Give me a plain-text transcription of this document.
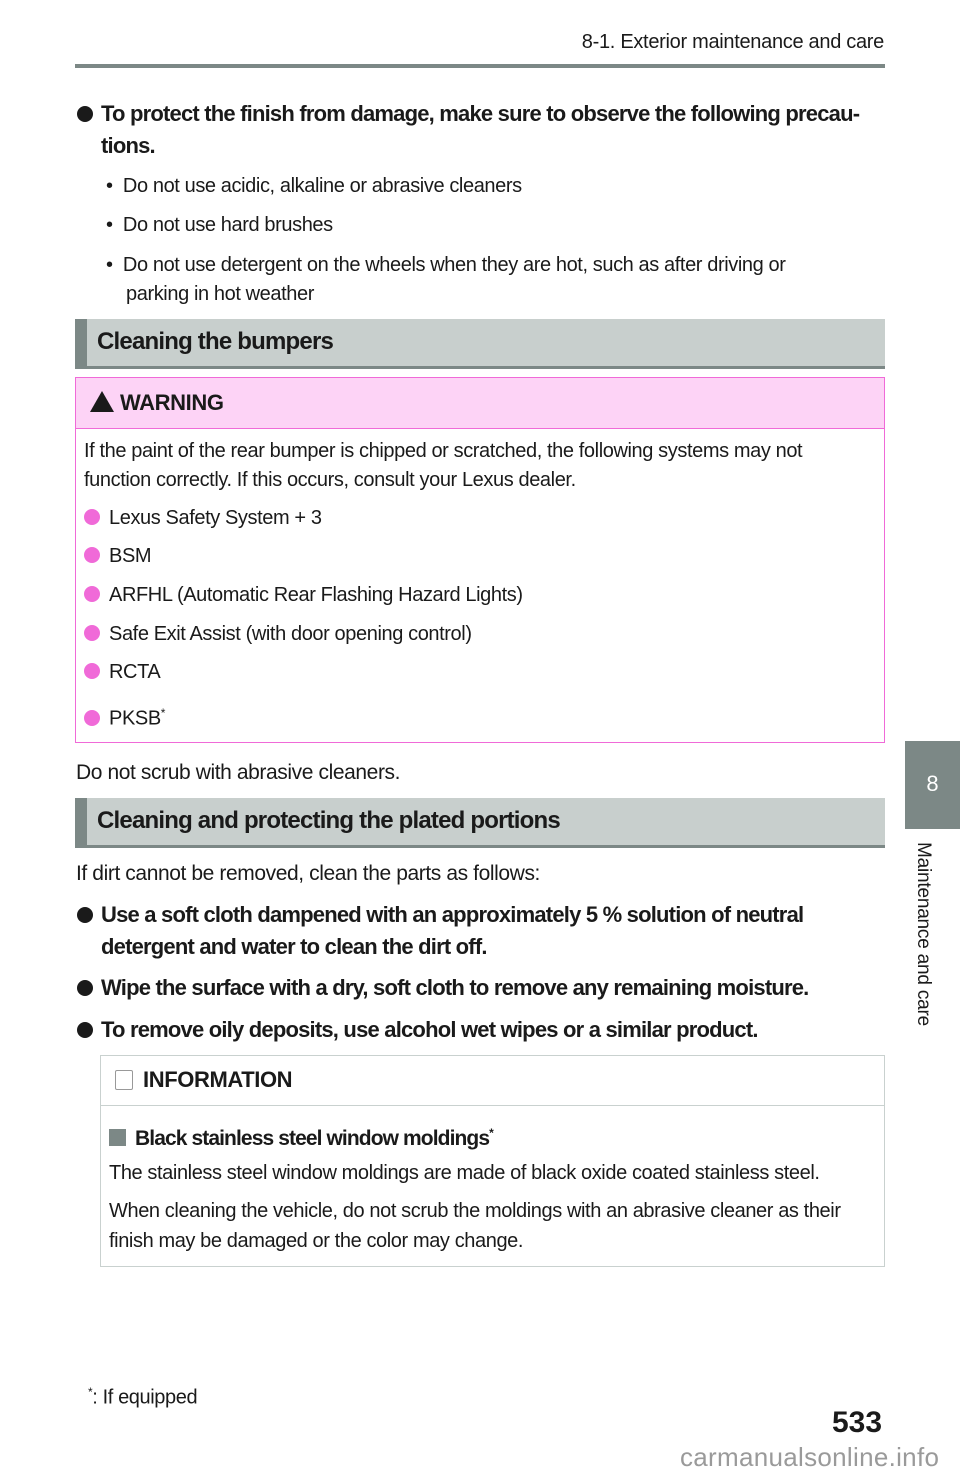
8-1. Exterior maintenance and care
To protect the finish from damage, make sure to observe the following precau-
tions.
•  Do not use acidic, alkaline or abrasive cleaners
•  Do not use hard brushes
•  Do not use detergent on the wheels when they are hot, such as after driving or
parking in hot weather
Cleaning the bumpers
WARNING
If the paint of the rear bumper is chipped or scratched, the following systems may not
function correctly. If this occurs, consult your Lexus dealer.
Lexus Safety System + 3
BSM
ARFHL (Automatic Rear Flashing Hazard Lights)
Safe Exit Assist (with door opening control)
RCTA
PKSB*
Do not scrub with abrasive cleaners.
Cleaning and protecting the plated portions
If dirt cannot be removed, clean the parts as follows:
Use a soft cloth dampened with an approximately 5 % solution of neutral
detergent and water to clean the dirt off.
Wipe the surface with a dry, soft cloth to remove any remaining moisture.
To remove oily deposits, use alcohol wet wipes or a similar product.
INFORMATION
Black stainless steel window moldings*
The stainless steel window moldings are made of black oxide coated stainless steel.
When cleaning the vehicle, do not scrub the moldings with an abrasive cleaner as their
finish may be damaged or the color may change.
*: If equipped
8
Maintenance and care
533
carmanualsonline.info
